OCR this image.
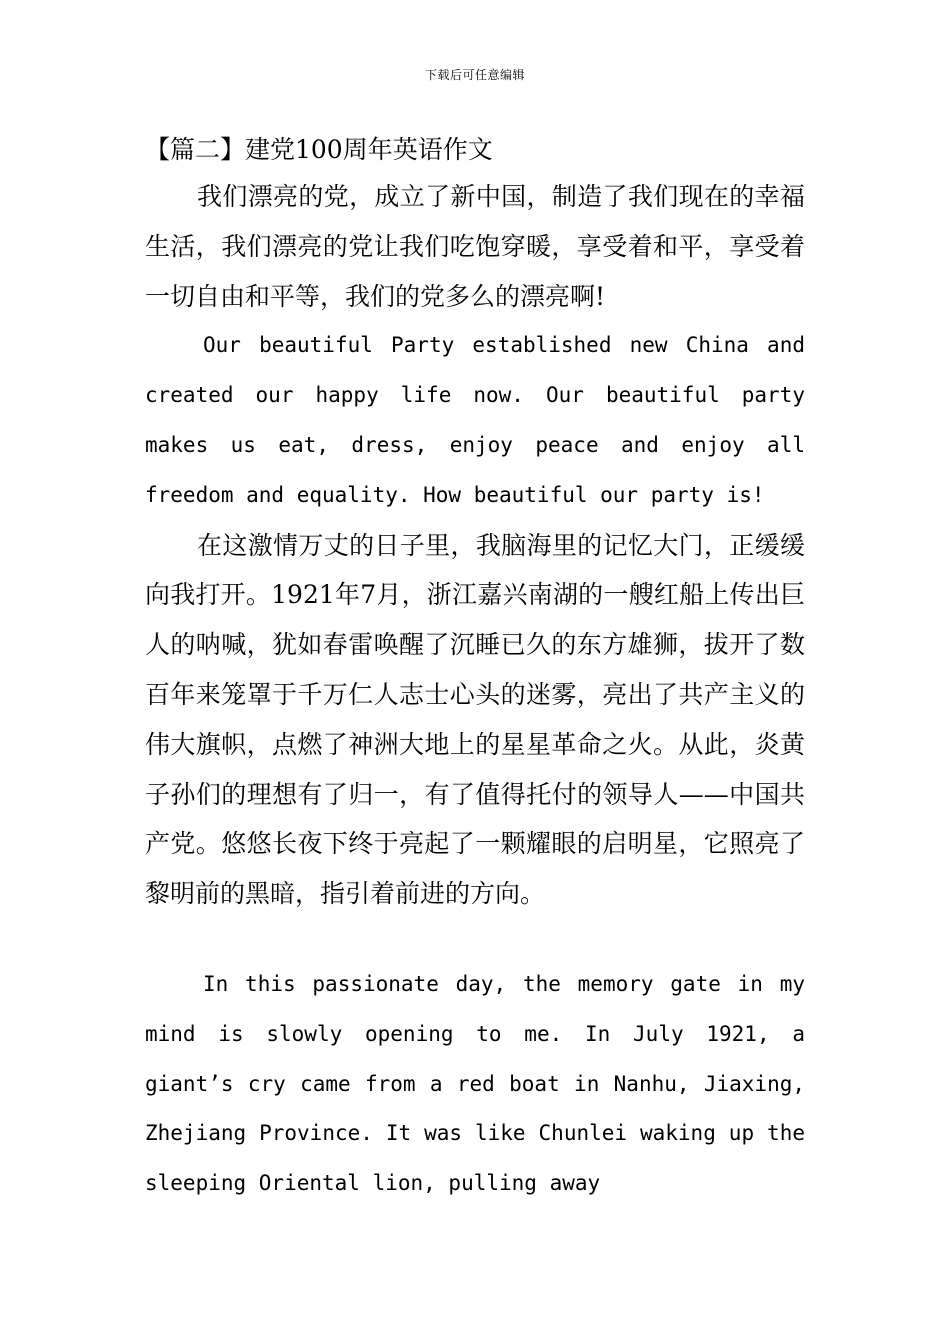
下载后可任意编辑
【篇二】建党100周年英语作文

我们漂亮的党，成立了新中国，制造了我们现在的幸福生活，我们漂亮的党让我们吃饱穿暖，享受着和平，享受着一切自由和平等，我们的党多么的漂亮啊!

Our beautiful Party established new China and created our happy life now. Our beautiful party makes us eat, dress, enjoy peace and enjoy all freedom and equality. How beautiful our party is!

在这激情万丈的日子里，我脑海里的记忆大门，正缓缓向我打开。1921年7月，浙江嘉兴南湖的一艘红船上传出巨人的呐喊，犹如春雷唤醒了沉睡已久的东方雄狮，拔开了数百年来笼罩于千万仁人志士心头的迷雾，亮出了共产主义的伟大旗帜，点燃了神洲大地上的星星革命之火。从此，炎黄子孙们的理想有了归一，有了值得托付的领导人——中国共产党。悠悠长夜下终于亮起了一颗耀眼的启明星，它照亮了黎明前的黑暗，指引着前进的方向。

In this passionate day, the memory gate in my mind is slowly opening to me. In July 1921, a giant’s cry came from a red boat in Nanhu, Jiaxing, Zhejiang Province. It was like Chunlei waking up the sleeping Oriental lion, pulling away
